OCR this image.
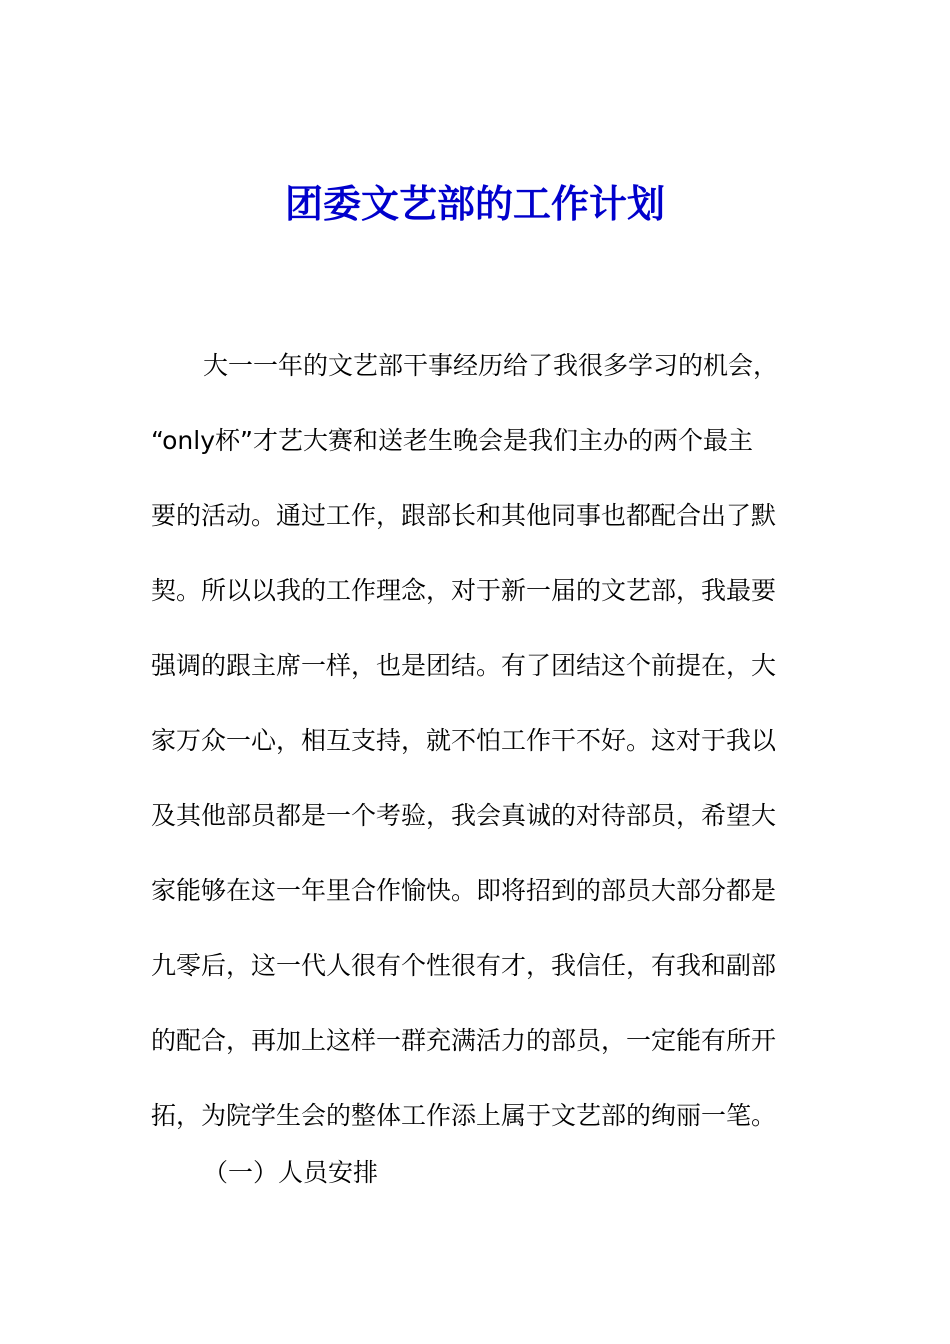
团委文艺部的工作计划
大一一年的文艺部干事经历给了我很多学习的机会，
“only杯”才艺大赛和送老生晚会是我们主办的两个最主
要的活动。通过工作，跟部长和其他同事也都配合出了默
契。所以以我的工作理念，对于新一届的文艺部，我最要
强调的跟主席一样，也是团结。有了团结这个前提在，大
家万众一心，相互支持，就不怕工作干不好。这对于我以
及其他部员都是一个考验，我会真诚的对待部员，希望大
家能够在这一年里合作愉快。即将招到的部员大部分都是
九零后，这一代人很有个性很有才，我信任，有我和副部
的配合，再加上这样一群充满活力的部员，一定能有所开
拓，为院学生会的整体工作添上属于文艺部的绚丽一笔。
（一）人员安排
